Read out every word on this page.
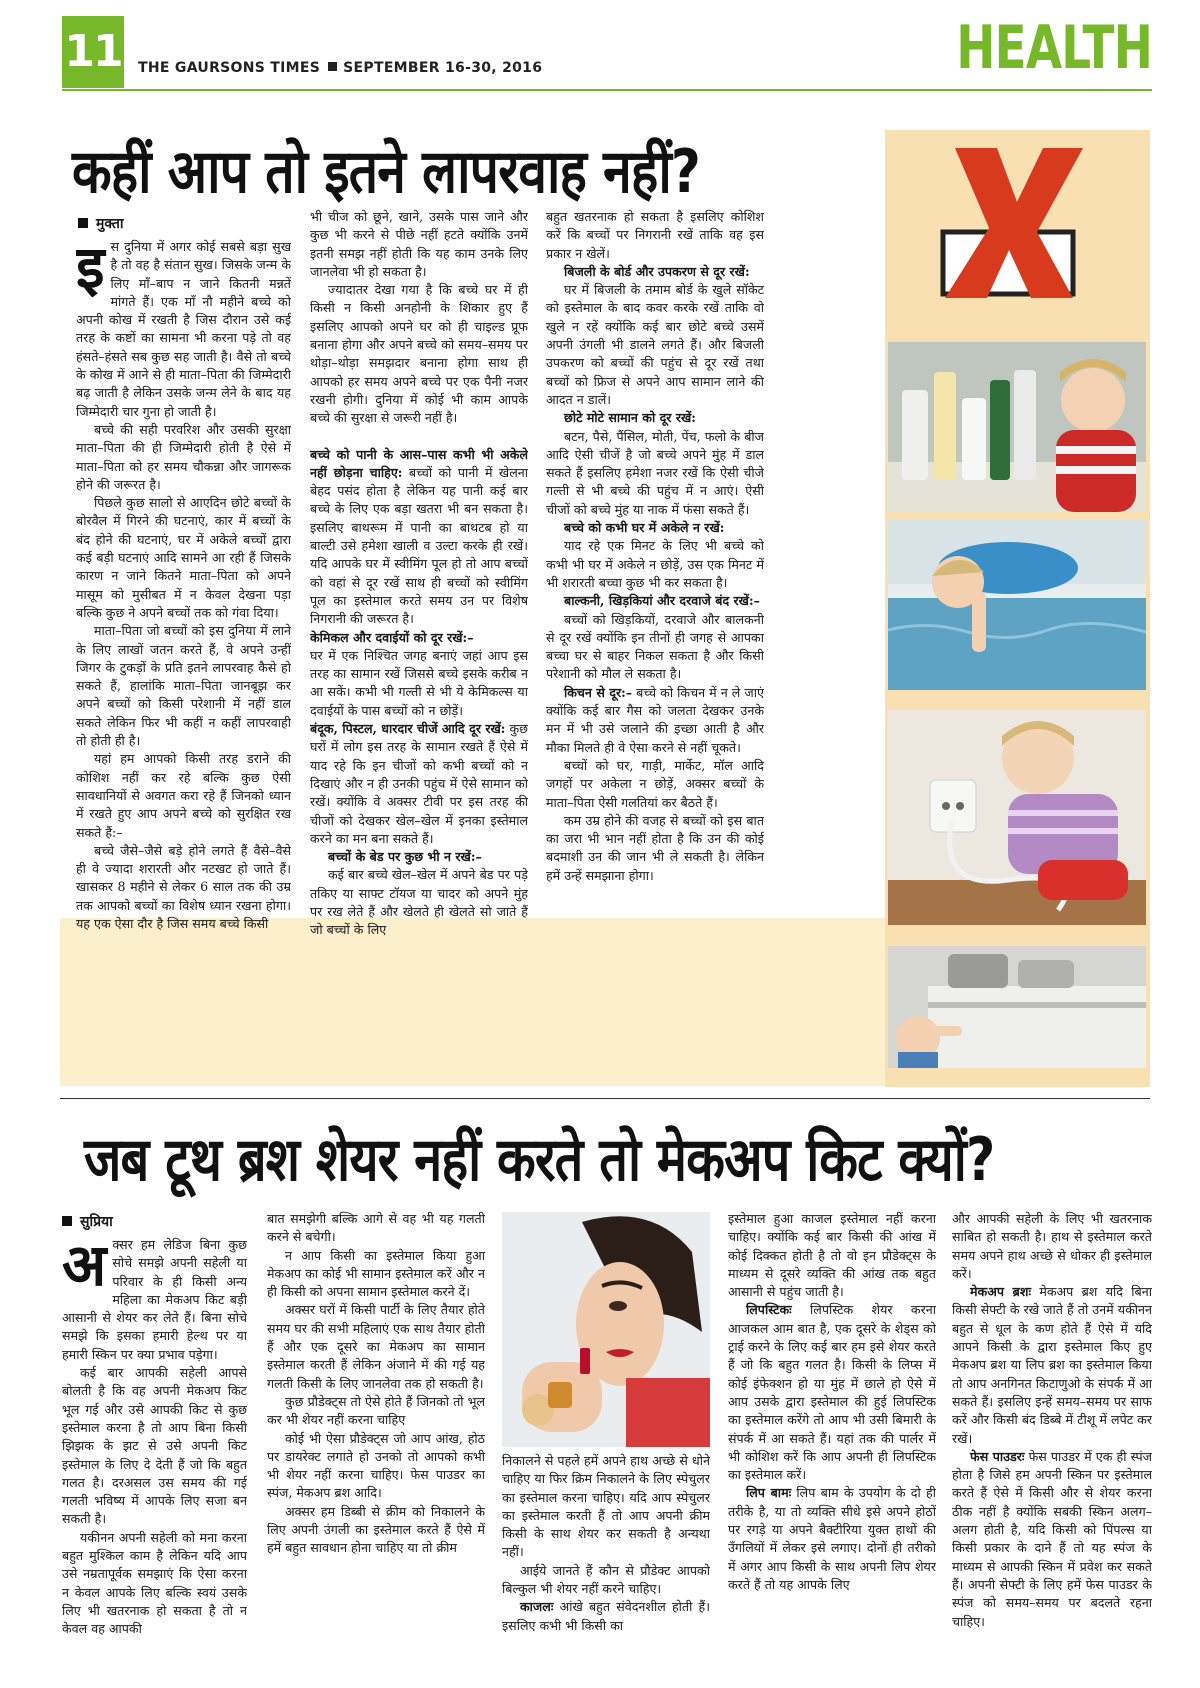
11 THE GAURSONS TIMES SEPTEMBER 16-30, 2016	HEALTH
कहीं आप तो इतने लापरवाह नहीं?
मुक्ता

इस दुनिया में अगर कोई सबसे बड़ा सुख है तो वह है संतान सुख। जिसके जन्म के लिए माँ–बाप न जाने कितनी मन्नतें मांगते हैं। एक माँ नौ महीने बच्चे को अपनी कोख में रखती है जिस दौरान उसे कई तरह के कष्टों का सामना भी करना पड़े तो वह हंसते–हंसते सब कुछ सह जाती है। वैसे तो बच्चे के कोख में आने से ही माता–पिता की जिम्मेदारी बढ़ जाती है लेकिन उसके जन्म लेने के बाद यह जिम्मेदारी चार गुना हो जाती है।

बच्चे की सही परवरिश और उसकी सुरक्षा माता–पिता की ही जिम्मेदारी होती है ऐसे में माता–पिता को हर समय चौकन्ना और जागरूक होने की जरूरत है।

पिछले कुछ सालो से आएदिन छोटे बच्चों के बोरवैल में गिरने की घटनाएं, कार में बच्चों के बंद होने की घटनाएं, घर में अकेले बच्चों द्वारा कई बड़ी घटनाएं आदि सामने आ रही हैं जिसके कारण न जाने कितने माता–पिता को अपने मासूम को मुसीबत में न केवल देखना पड़ा बल्कि कुछ ने अपने बच्चों तक को गंवा दिया।

माता–पिता जो बच्चों को इस दुनिया में लाने के लिए लाखों जतन करते हैं, वे अपने उन्हीं जिगर के टुकड़ों के प्रति इतने लापरवाह कैसे हो सकते हैं, हालांकि माता–पिता जानबूझ कर अपने बच्चों को किसी परेशानी में नहीं डाल सकते लेकिन फिर भी कहीं न कहीं लापरवाही तो होती ही है।

यहां हम आपको किसी तरह डराने की कोशिश नहीं कर रहे बल्कि कुछ ऐसी सावधानियों से अवगत करा रहे हैं जिनको ध्यान में रखते हुए आप अपने बच्चे को सुरक्षित रख सकते हैं:–

बच्चे जैसे–जैसे बड़े होने लगते हैं वैसे–वैसे ही वे ज्यादा शरारती और नटखट हो जाते हैं। खासकर 8 महीने से लेकर 6 साल तक की उम्र तक आपको बच्चों का विशेष ध्यान रखना होगा। यह एक ऐसा दौर है जिस समय बच्चे किसी

भी चीज को छूने, खाने, उसके पास जाने और कुछ भी करने से पीछे नहीं हटते क्योंकि उनमें इतनी समझ नहीं होती कि यह काम उनके लिए जानलेवा भी हो सकता है।

ज्यादातर देखा गया है कि बच्चे घर में ही किसी न किसी अनहोनी के शिकार हुए हैं इसलिए आपको अपने घर को ही चाइल्ड प्रूफ बनाना होगा और अपने बच्चे को समय–समय पर थोड़ा–थोड़ा समझदार बनाना होगा साथ ही आपको हर समय अपने बच्चे पर एक पैनी नजर रखनी होगी। दुनिया में कोई भी काम आपके बच्चे की सुरक्षा से जरूरी नहीं है।

बच्चे को पानी के आस–पास कभी भी अकेले नहीं छोड़ना चाहिए: बच्चों को पानी में खेलना बेहद पसंद होता है लेकिन यह पानी कई बार बच्चे के लिए एक बड़ा खतरा भी बन सकता है। इसलिए बाथरूम में पानी का बाथटब हो या बाल्टी उसे हमेशा खाली व उल्टा करके ही रखें। यदि आपके घर में स्वीमिंग पूल हो तो आप बच्चों को वहां से दूर रखें साथ ही बच्चों को स्वीमिंग पूल का इस्तेमाल करते समय उन पर विशेष निगरानी की जरूरत है।

केमिकल और दवाईयों को दूर रखें:–

घर में एक निश्चित जगह बनाएं जहां आप इस तरह का सामान रखें जिससे बच्चे इसके करीब न आ सकें। कभी भी गल्ती से भी ये केमिकल्स या दवाईयों के पास बच्चों को न छोड़ें।

बंदूक, पिस्टल, धारदार चीजें आदि दूर रखें: कुछ घरों में लोग इस तरह के सामान रखते हैं ऐसे में याद रहे कि इन चीजों को कभी बच्चों को न दिखाएं और न ही उनकी पहुंच में ऐसे सामान को रखें। क्योंकि वे अक्सर टीवी पर इस तरह की चीजों को देखकर खेल–खेल में इनका इस्तेमाल करने का मन बना सकते हैं।

बच्चों के बेड पर कुछ भी न रखें:–

कई बार बच्चे खेल–खेल में अपने बेड पर पड़े तकिए या साफ्ट टॉयज या चादर को अपने मुंह पर रख लेते हैं और खेलते ही खेलते सो जाते हैं जो बच्चों के लिए

बहुत खतरनाक हो सकता है इसलिए कोशिश करें कि बच्चों पर निगरानी रखें ताकि वह इस प्रकार न खेलें।

बिजली के बोर्ड और उपकरण से दूर रखें:

घर में बिजली के तमाम बोर्ड के खुले सॉकेट को इस्तेमाल के बाद कवर करके रखें ताकि वो खुले न रहें क्योंकि कई बार छोटे बच्चे उसमें अपनी उंगली भी डालने लगते हैं। और बिजली उपकरण को बच्चों की पहुंच से दूर रखें तथा बच्चों को फ्रिज से अपने आप सामान लाने की आदत न डालें।

छोटे मोटे सामान को दूर रखें:

बटन, पैसे, पैंसिल, मोती, पेंच, फलो के बीज आदि ऐसी चीजें है जो बच्चे अपने मुंह में डाल सकते हैं इसलिए हमेशा नजर रखें कि ऐसी चीजे गल्ती से भी बच्चे की पहुंच में न आएं। ऐसी चीजों को बच्चे मुंह या नाक में फंसा सकते हैं।

बच्चे को कभी घर में अकेले न रखें:

याद रहे एक मिनट के लिए भी बच्चे को कभी भी घर में अकेले न छोड़ें, उस एक मिनट में भी शरारती बच्चा कुछ भी कर सकता है।

बाल्कनी, खिड़कियां और दरवाजे बंद रखें:–

बच्चों को खिड़कियों, दरवाजे और बालकनी से दूर रखें क्योंकि इन तीनों ही जगह से आपका बच्चा घर से बाहर निकल सकता है और किसी परेशानी को मौल ले सकता है।

किचन से दूर:– बच्चे को किचन में न ले जाएं क्योंकि कई बार गैस को जलता देखकर उनके मन में भी उसे जलाने की इच्छा आती है और मौका मिलते ही वे ऐसा करने से नहीं चूकते।

बच्चों को घर, गाड़ी, मार्केट, मॉल आदि जगहों पर अकेला न छोड़ें, अक्सर बच्चों के माता–पिता ऐसी गलतियां कर बैठते हैं।

कम उम्र होने की वजह से बच्चों को इस बात का जरा भी भान नहीं होता है कि उन की कोई बदमाशी उन की जान भी ले सकती है। लेकिन हमें उन्हें समझाना होगा।

जब टूथ ब्रश शेयर नहीं करते तो मेकअप किट क्यों?
सुप्रिया

अक्सर हम लेडिज बिना कुछ सोचे समझे अपनी सहेली या परिवार के ही किसी अन्य महिला का मेकअप किट बड़ी आसानी से शेयर कर लेते हैं। बिना सोचे समझे कि इसका हमारी हेल्थ पर या हमारी स्किन पर क्या प्रभाव पड़ेगा।

कई बार आपकी सहेली आपसे बोलती है कि वह अपनी मेकअप किट भूल गई और उसे आपकी किट से कुछ इस्तेमाल करना है तो आप बिना किसी झिझक के झट से उसे अपनी किट इस्तेमाल के लिए दे देती हैं जो कि बहुत गलत है। दरअसल उस समय की गई गलती भविष्य में आपके लिए सजा बन सकती है।

यकीनन अपनी सहेली को मना करना बहुत मुश्किल काम है लेकिन यदि आप उसे नम्रतापूर्वक समझाएं कि ऐसा करना न केवल आपके लिए बल्कि स्वयं उसके लिए भी खतरनाक हो सकता है तो न केवल वह आपकी

बात समझेगी बल्कि आगे से वह भी यह गलती करने से बचेगी।

न आप किसी का इस्तेमाल किया हुआ मेकअप का कोई भी सामान इस्तेमाल करें और न ही किसी को अपना सामान इस्तेमाल करने दें।

अक्सर घरों में किसी पार्टी के लिए तैयार होते समय घर की सभी महिलाएं एक साथ तैयार होती हैं और एक दूसरे का मेकअप का सामान इस्तेमाल करती हैं लेकिन अंजाने में की गई यह गलती किसी के लिए जानलेवा तक हो सकती है।

कुछ प्रौडेक्ट्स तो ऐसे होते हैं जिनको तो भूल कर भी शेयर नहीं करना चाहिए

कोई भी ऐसा प्रौडेक्ट्स जो आप आंख, होठ पर डायरेक्ट लगाते हो उनको तो आपको कभी भी शेयर नहीं करना चाहिए। फेस पाउडर का स्पंज, मेकअप ब्रश आदि।

अक्सर हम डिब्बी से क्रीम को निकालने के लिए अपनी उंगली का इस्तेमाल करते हैं ऐसे में हमें बहुत सावधान होना चाहिए या तो क्रीम

निकालने से पहले हमें अपने हाथ अच्छे से धोने चाहिए या फिर क्रिम निकालने के लिए स्पेचुलर का इस्तेमाल करना चाहिए। यदि आप स्पेचुलर का इस्तेमाल करती हैं तो आप अपनी क्रीम किसी के साथ शेयर कर सकती है अन्यथा नहीं।

आईये जानते हैं कौन से प्रौडेक्ट आपको बिल्कुल भी शेयर नहीं करने चाहिए।

काजलः आंखे बहुत संवेदनशील होती हैं। इसलिए कभी भी किसी का

इस्तेमाल हुआ काजल इस्तेमाल नहीं करना चाहिए। क्योंकि कई बार किसी की आंख में कोई दिक्कत होती है तो वो इन प्रौडेक्ट्स के माध्यम से दूसरे व्यक्ति की आंख तक बहुत आसानी से पहुंच जाती है।

लिपस्टिकः लिपस्टिक शेयर करना आजकल आम बात है, एक दूसरे के शेड्स को ट्राई करने के लिए कई बार हम इसे शेयर करते हैं जो कि बहुत गलत है। किसी के लिप्स में कोई इंफेक्शन हो या मुंह में छाले हो ऐसे में आप उसके द्वारा इस्तेमाल की हुई लिपस्टिक का इस्तेमाल करेंगे तो आप भी उसी बिमारी के संपर्क में आ सकते हैं। यहां तक की पार्लर में भी कोशिश करें कि आप अपनी ही लिपस्टिक का इस्तेमाल करें।

लिप बामः लिप बाम के उपयोग के दो ही तरीके है, या तो व्यक्ति सीधे इसे अपने होठों पर रगड़े या अपने बैक्टीरिया युक्त हाथों की उँगलियों में लेकर इसे लगाए। दोनों ही तरीको में अगर आप किसी के साथ अपनी लिप शेयर करते हैं तो यह आपके लिए

और आपकी सहेली के लिए भी खतरनाक साबित हो सकती है। हाथ से इस्तेमाल करते समय अपने हाथ अच्छे से धोकर ही इस्तेमाल करें।

मेकअप ब्रशः मेकअप ब्रश यदि बिना किसी सेफ्टी के रखे जाते हैं तो उनमें यकीनन बहुत से धूल के कण होते हैं ऐसे में यदि आपने किसी के द्वारा इस्तेमाल किए हुए मेकअप ब्रश या लिप ब्रश का इस्तेमाल किया तो आप अनगिनत किटाणुओ के संपर्क में आ सकते हैं। इसलिए इन्हें समय–समय पर साफ करें और किसी बंद डिब्बे में टीशू में लपेट कर रखें।

फेस पाउडरः फेस पाउडर में एक ही स्पंज होता है जिसे हम अपनी स्किन पर इस्तेमाल करते हैं ऐसे में किसी और से शेयर करना ठीक नहीं है क्योंकि सबकी स्किन अलग–अलग होती है, यदि किसी को पिंपल्स या किसी प्रकार के दाने हैं तो यह स्पंज के माध्यम से आपकी स्किन में प्रवेश कर सकते हैं। अपनी सेफ्टी के लिए हमें फेस पाउडर के स्पंज को समय–समय पर बदलते रहना चाहिए।
